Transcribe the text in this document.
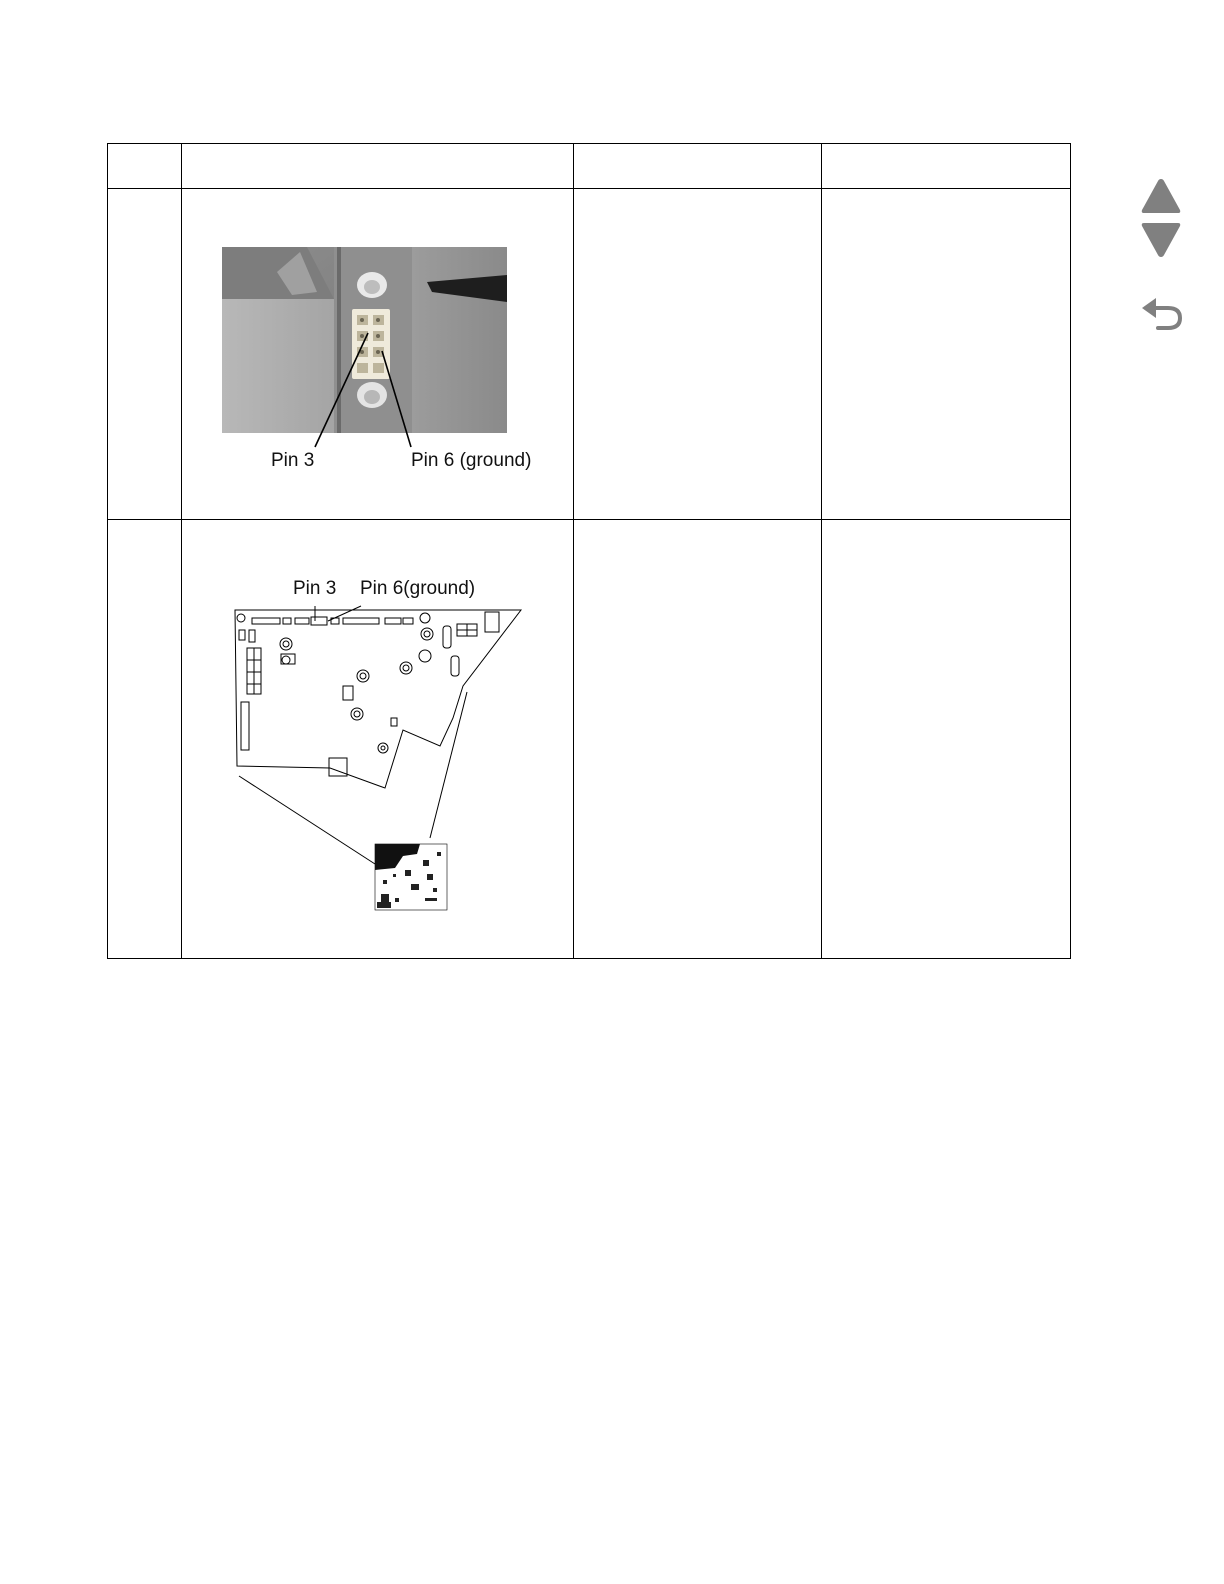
Pin 3	Pin 6 (ground)
Pin 3 Pin 6(ground)
